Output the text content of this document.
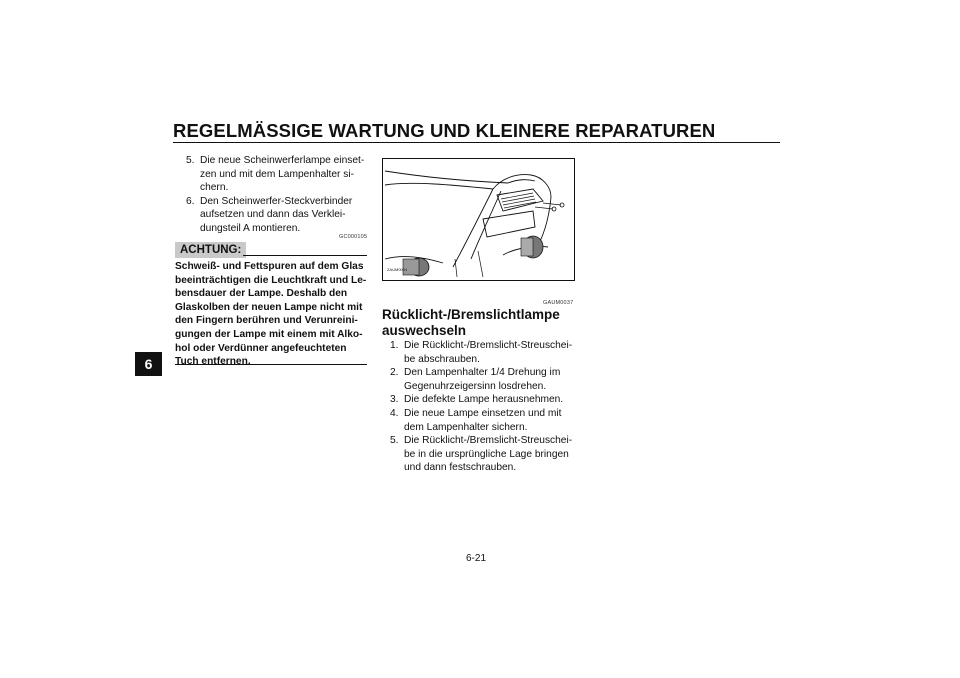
REGELMÄSSIGE WARTUNG UND KLEINERE REPARATUREN
6
5. Die neue Scheinwerferlampe einset-
zen und mit dem Lampenhalter si-
chern.
6. Den Scheinwerfer-Steckverbinder
aufsetzen und dann das Verklei-
dungsteil A montieren.
GC000105
ACHTUNG:
Schweiß- und Fettspuren auf dem Glas
beeinträchtigen die Leuchtkraft und Le-
bensdauer der Lampe. Deshalb den
Glaskolben der neuen Lampe nicht mit
den Fingern berühren und Verunreini-
gungen der Lampe mit einem mit Alko-
hol oder Verdünner angefeuchteten
Tuch entfernen.
ZAUM0094
GAUM0037
Rücklicht-/Bremslichtlampe
auswechseln
1. Die Rücklicht-/Bremslicht-Streuschei-
be abschrauben.
2. Den Lampenhalter 1/4 Drehung im
Gegenuhrzeigersinn losdrehen.
3. Die defekte Lampe herausnehmen.
4. Die neue Lampe einsetzen und mit
dem Lampenhalter sichern.
5. Die Rücklicht-/Bremslicht-Streuschei-
be in die ursprüngliche Lage bringen
und dann festschrauben.
6-21
